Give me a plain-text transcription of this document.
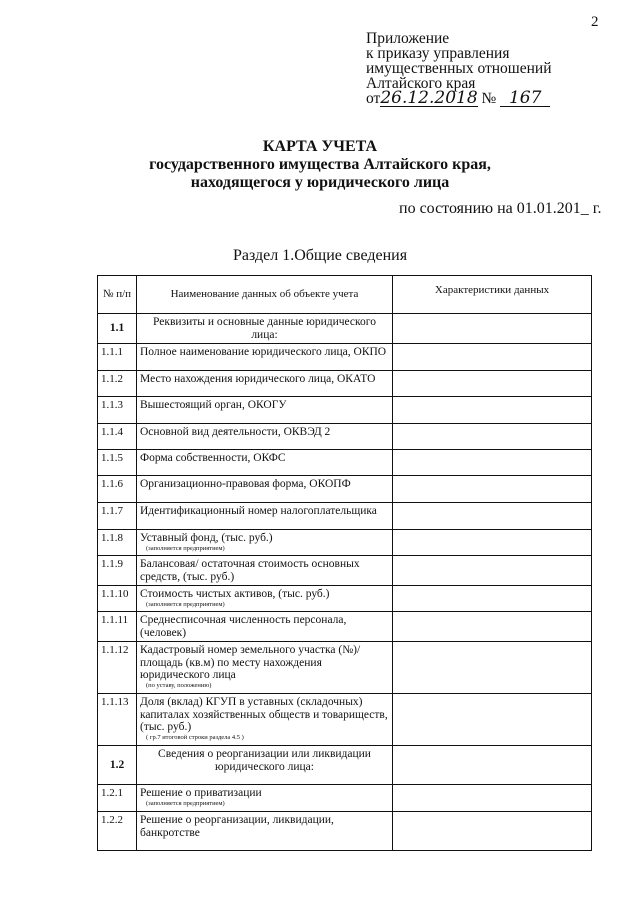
2
Приложение
к приказу управления
имущественных отношений
Алтайского края
от26.12.2018 № 167
КАРТА УЧЕТА
государственного имущества Алтайского края,
находящегося у юридического лица
по состоянию на 01.01.201_ г.
Раздел 1.Общие сведения
№ п/п	Наименование данных об объекте учета	Характеристики данных
1.1	Реквизиты и основные данные юридического лица:	
1.1.1	Полное наименование юридического лица, ОКПО	
1.1.2	Место нахождения юридического лица, ОКАТО	
1.1.3	Вышестоящий орган, ОКОГУ	
1.1.4	Основной вид деятельности, ОКВЭД 2	
1.1.5	Форма собственности, ОКФС	
1.1.6	Организационно-правовая форма, ОКОПФ	
1.1.7	Идентификационный номер налогоплательщика	
1.1.8	Уставный фонд, (тыс. руб.)
(заполняется предприятием)	

1.1.9	Балансовая/ остаточная стоимость основных средств, (тыс. руб.)	
1.1.10	Стоимость чистых активов, (тыс. руб.)
(заполняется предприятием)	

1.1.11	Среднесписочная численность персонала, (человек)	
1.1.12	Кадастровый номер земельного участка (№)/ площадь (кв.м) по месту нахождения юридического лица
(по уставу, положению)	

1.1.13	Доля (вклад) КГУП в уставных (складочных) капиталах хозяйственных обществ и товариществ, (тыс. руб.)
( гр.7 итоговой строки раздела 4.5 )	

1.2	Сведения о реорганизации или ликвидации юридического лица:	
1.2.1	Решение о приватизации
(заполняется предприятием)	

1.2.2	Решение о реорганизации, ликвидации, банкротстве	
